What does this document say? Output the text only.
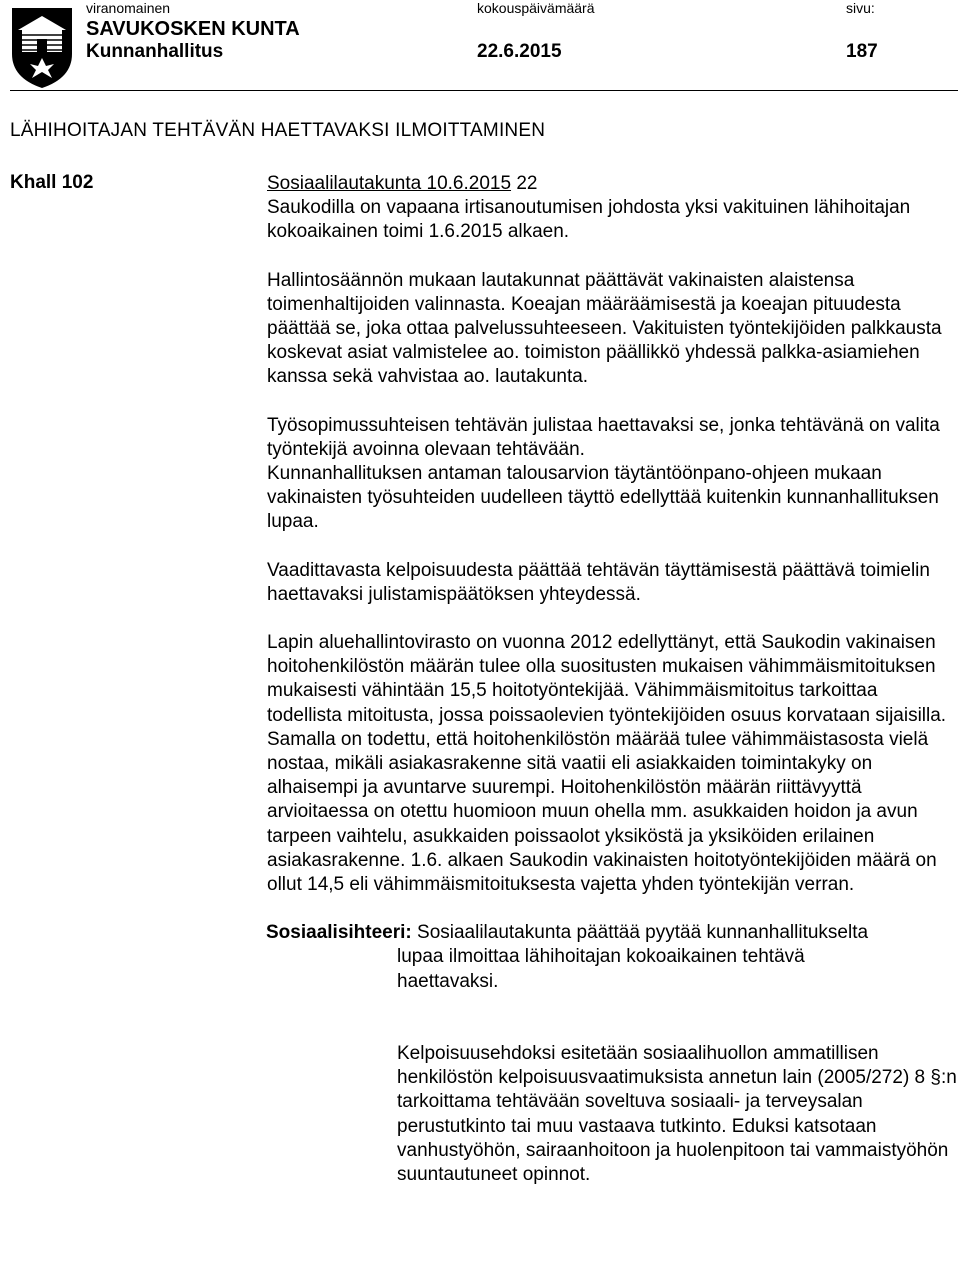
viranomainen	kokouspäivämäärä	sivu:
SAVUKOSKEN KUNTA
Kunnanhallitus	22.6.2015	187
LÄHIHOITAJAN TEHTÄVÄN HAETTAVAKSI ILMOITTAMINEN
Khall 102	Sosiaalilautakunta 10.6.2015 22

Saukodilla on vapaana irtisanoutumisen johdosta yksi vakituinen lähihoitajan kokoaikainen toimi 1.6.2015 alkaen.

Hallintosäännön mukaan lautakunnat päättävät vakinaisten alaistensa toimenhaltijoiden valinnasta. Koeajan määräämisestä ja koeajan pituudesta päättää se, joka ottaa palvelussuhteeseen. Vakituisten työntekijöiden palkkausta koskevat asiat valmistelee ao. toimiston päällikkö yhdessä palkka-asiamiehen kanssa sekä vahvistaa ao. lautakunta.

Työsopimussuhteisen tehtävän julistaa haettavaksi se, jonka tehtävänä on valita työntekijä avoinna olevaan tehtävään.

Kunnanhallituksen antaman talousarvion täytäntöönpano-ohjeen mukaan vakinaisten työsuhteiden uudelleen täyttö edellyttää kuitenkin kunnanhallituksen lupaa.

Vaadittavasta kelpoisuudesta päättää tehtävän täyttämisestä päättävä toimielin haettavaksi julistamispäätöksen yhteydessä.

Lapin aluehallintovirasto on vuonna 2012 edellyttänyt, että Saukodin vakinaisen hoitohenkilöstön määrän tulee olla suositusten mukaisen vähimmäismitoituksen mukaisesti vähintään 15,5 hoitotyöntekijää. Vähimmäismitoitus tarkoittaa todellista mitoitusta, jossa poissaolevien työntekijöiden osuus korvataan sijaisilla. Samalla on todettu, että hoitohenkilöstön määrää tulee vähimmäistasosta vielä nostaa, mikäli asiakasrakenne sitä vaatii eli asiakkaiden toimintakyky on alhaisempi ja avuntarve suurempi. Hoitohenkilöstön määrän riittävyyttä arvioitaessa on otettu huomioon muun ohella mm. asukkaiden hoidon ja avun tarpeen vaihtelu, asukkaiden poissaolot yksiköstä ja yksiköiden erilainen asiakasrakenne. 1.6. alkaen Saukodin vakinaisten hoitotyöntekijöiden määrä on ollut 14,5 eli vähimmäismitoituksesta vajetta yhden työntekijän verran.

Sosiaalisihteeri: Sosiaalilautakunta päättää pyytää kunnanhallitukselta

lupaa ilmoittaa lähihoitajan kokoaikainen tehtävä
haettavaksi.

Kelpoisuusehdoksi esitetään sosiaalihuollon ammatillisen henkilöstön kelpoisuusvaatimuksista annetun lain (2005/272) 8 §:n tarkoittama tehtävään soveltuva sosiaali- ja terveysalan perustutkinto tai muu vastaava tutkinto. Eduksi katsotaan vanhustyöhön, sairaanhoitoon ja huolenpitoon tai vammaistyöhön suuntautuneet opinnot.
